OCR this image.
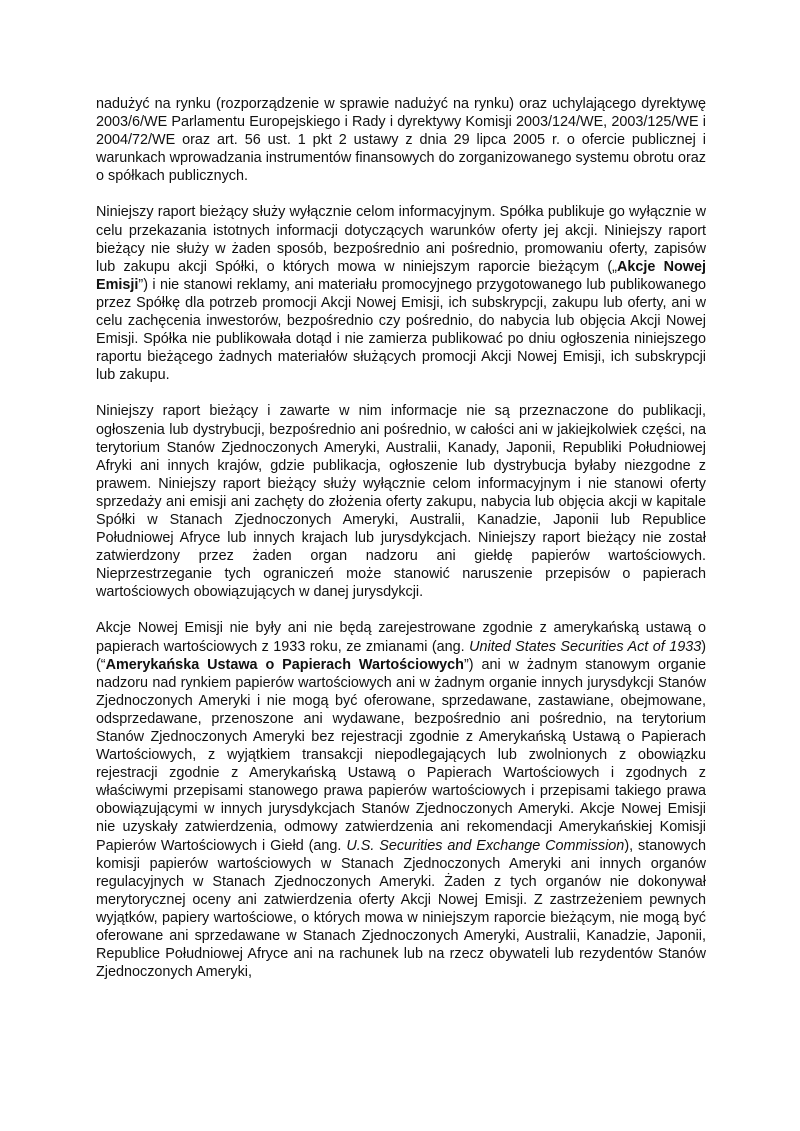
nadużyć na rynku (rozporządzenie w sprawie nadużyć na rynku) oraz uchylającego dyrektywę 2003/6/WE Parlamentu Europejskiego i Rady i dyrektywy Komisji 2003/124/WE, 2003/125/WE i 2004/72/WE oraz art. 56 ust. 1 pkt 2 ustawy z dnia 29 lipca 2005 r. o ofercie publicznej i warunkach wprowadzania instrumentów finansowych do zorganizowanego systemu obrotu oraz o spółkach publicznych.

Niniejszy raport bieżący służy wyłącznie celom informacyjnym. Spółka publikuje go wyłącznie w celu przekazania istotnych informacji dotyczących warunków oferty jej akcji. Niniejszy raport bieżący nie służy w żaden sposób, bezpośrednio ani pośrednio, promowaniu oferty, zapisów lub zakupu akcji Spółki, o których mowa w niniejszym raporcie bieżącym („Akcje Nowej Emisji”) i nie stanowi reklamy, ani materiału promocyjnego przygotowanego lub publikowanego przez Spółkę dla potrzeb promocji Akcji Nowej Emisji, ich subskrypcji, zakupu lub oferty, ani w celu zachęcenia inwestorów, bezpośrednio czy pośrednio, do nabycia lub objęcia Akcji Nowej Emisji. Spółka nie publikowała dotąd i nie zamierza publikować po dniu ogłoszenia niniejszego raportu bieżącego żadnych materiałów służących promocji Akcji Nowej Emisji, ich subskrypcji lub zakupu.

Niniejszy raport bieżący i zawarte w nim informacje nie są przeznaczone do publikacji, ogłoszenia lub dystrybucji, bezpośrednio ani pośrednio, w całości ani w jakiejkolwiek części, na terytorium Stanów Zjednoczonych Ameryki, Australii, Kanady, Japonii, Republiki Południowej Afryki ani innych krajów, gdzie publikacja, ogłoszenie lub dystrybucja byłaby niezgodne z prawem. Niniejszy raport bieżący służy wyłącznie celom informacyjnym i nie stanowi oferty sprzedaży ani emisji ani zachęty do złożenia oferty zakupu, nabycia lub objęcia akcji w kapitale Spółki w Stanach Zjednoczonych Ameryki, Australii, Kanadzie, Japonii lub Republice Południowej Afryce lub innych krajach lub jurysdykcjach. Niniejszy raport bieżący nie został zatwierdzony przez żaden organ nadzoru ani giełdę papierów wartościowych. Nieprzestrzeganie tych ograniczeń może stanowić naruszenie przepisów o papierach wartościowych obowiązujących w danej jurysdykcji.

Akcje Nowej Emisji nie były ani nie będą zarejestrowane zgodnie z amerykańską ustawą o papierach wartościowych z 1933 roku, ze zmianami (ang. United States Securities Act of 1933) (“Amerykańska Ustawa o Papierach Wartościowych”) ani w żadnym stanowym organie nadzoru nad rynkiem papierów wartościowych ani w żadnym organie innych jurysdykcji Stanów Zjednoczonych Ameryki i nie mogą być oferowane, sprzedawane, zastawiane, obejmowane, odsprzedawane, przenoszone ani wydawane, bezpośrednio ani pośrednio, na terytorium Stanów Zjednoczonych Ameryki bez rejestracji zgodnie z Amerykańską Ustawą o Papierach Wartościowych, z wyjątkiem transakcji niepodlegających lub zwolnionych z obowiązku rejestracji zgodnie z Amerykańską Ustawą o Papierach Wartościowych i zgodnych z właściwymi przepisami stanowego prawa papierów wartościowych i przepisami takiego prawa obowiązującymi w innych jurysdykcjach Stanów Zjednoczonych Ameryki. Akcje Nowej Emisji nie uzyskały zatwierdzenia, odmowy zatwierdzenia ani rekomendacji Amerykańskiej Komisji Papierów Wartościowych i Giełd (ang. U.S. Securities and Exchange Commission), stanowych komisji papierów wartościowych w Stanach Zjednoczonych Ameryki ani innych organów regulacyjnych w Stanach Zjednoczonych Ameryki. Żaden z tych organów nie dokonywał merytorycznej oceny ani zatwierdzenia oferty Akcji Nowej Emisji. Z zastrzeżeniem pewnych wyjątków, papiery wartościowe, o których mowa w niniejszym raporcie bieżącym, nie mogą być oferowane ani sprzedawane w Stanach Zjednoczonych Ameryki, Australii, Kanadzie, Japonii, Republice Południowej Afryce ani na rachunek lub na rzecz obywateli lub rezydentów Stanów Zjednoczonych Ameryki,
